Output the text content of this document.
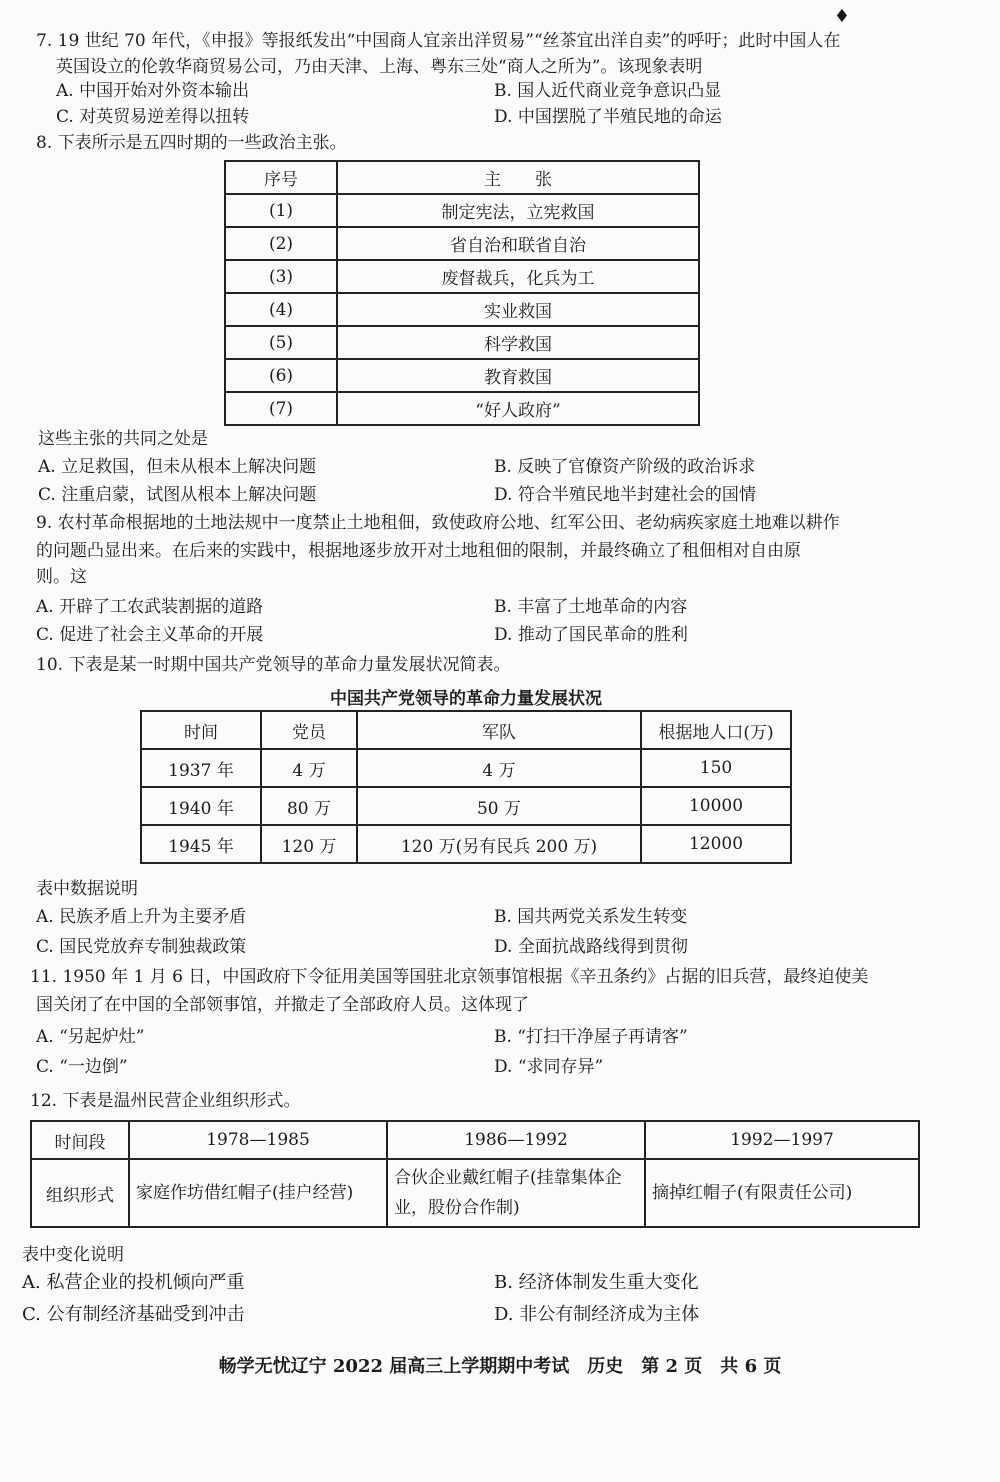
♦
7. 19 世纪 70 年代，《申报》等报纸发出“中国商人宜亲出洋贸易”“丝茶宜出洋自卖”的呼吁；此时中国人在
英国设立的伦敦华商贸易公司，乃由天津、上海、粤东三处“商人之所为”。该现象表明
A. 中国开始对外资本输出	B. 国人近代商业竞争意识凸显
C. 对英贸易逆差得以扭转	D. 中国摆脱了半殖民地的命运
8. 下表所示是五四时期的一些政治主张。
序号	主　　张
(1)	制定宪法，立宪救国
(2)	省自治和联省自治
(3)	废督裁兵，化兵为工
(4)	实业救国
(5)	科学救国
(6)	教育救国
(7)	“好人政府”
这些主张的共同之处是
A. 立足救国，但未从根本上解决问题	B. 反映了官僚资产阶级的政治诉求
C. 注重启蒙，试图从根本上解决问题	D. 符合半殖民地半封建社会的国情
9. 农村革命根据地的土地法规中一度禁止土地租佃，致使政府公地、红军公田、老幼病疾家庭土地难以耕作
的问题凸显出来。在后来的实践中，根据地逐步放开对土地租佃的限制，并最终确立了租佃相对自由原
则。这
A. 开辟了工农武装割据的道路	B. 丰富了土地革命的内容
C. 促进了社会主义革命的开展	D. 推动了国民革命的胜利
10. 下表是某一时期中国共产党领导的革命力量发展状况简表。
中国共产党领导的革命力量发展状况
时间	党员	军队	根据地人口(万)
1937 年	4 万	4 万	150
1940 年	80 万	50 万	10000
1945 年	120 万	120 万(另有民兵 200 万)	12000
表中数据说明
A. 民族矛盾上升为主要矛盾	B. 国共两党关系发生转变
C. 国民党放弃专制独裁政策	D. 全面抗战路线得到贯彻
11. 1950 年 1 月 6 日，中国政府下令征用美国等国驻北京领事馆根据《辛丑条约》占据的旧兵营，最终迫使美
国关闭了在中国的全部领事馆，并撤走了全部政府人员。这体现了
A. “另起炉灶”	B. “打扫干净屋子再请客”
C. “一边倒”	D. “求同存异”
12. 下表是温州民营企业组织形式。
时间段	1978—1985	1986—1992	1992—1997
组织形式	家庭作坊借红帽子(挂户经营)	合伙企业戴红帽子(挂靠集体企业，股份合作制)	摘掉红帽子(有限责任公司)
表中变化说明
A. 私营企业的投机倾向严重	B. 经济体制发生重大变化
C. 公有制经济基础受到冲击	D. 非公有制经济成为主体
畅学无忧辽宁 2022 届高三上学期期中考试　历史　第 2 页　共 6 页
